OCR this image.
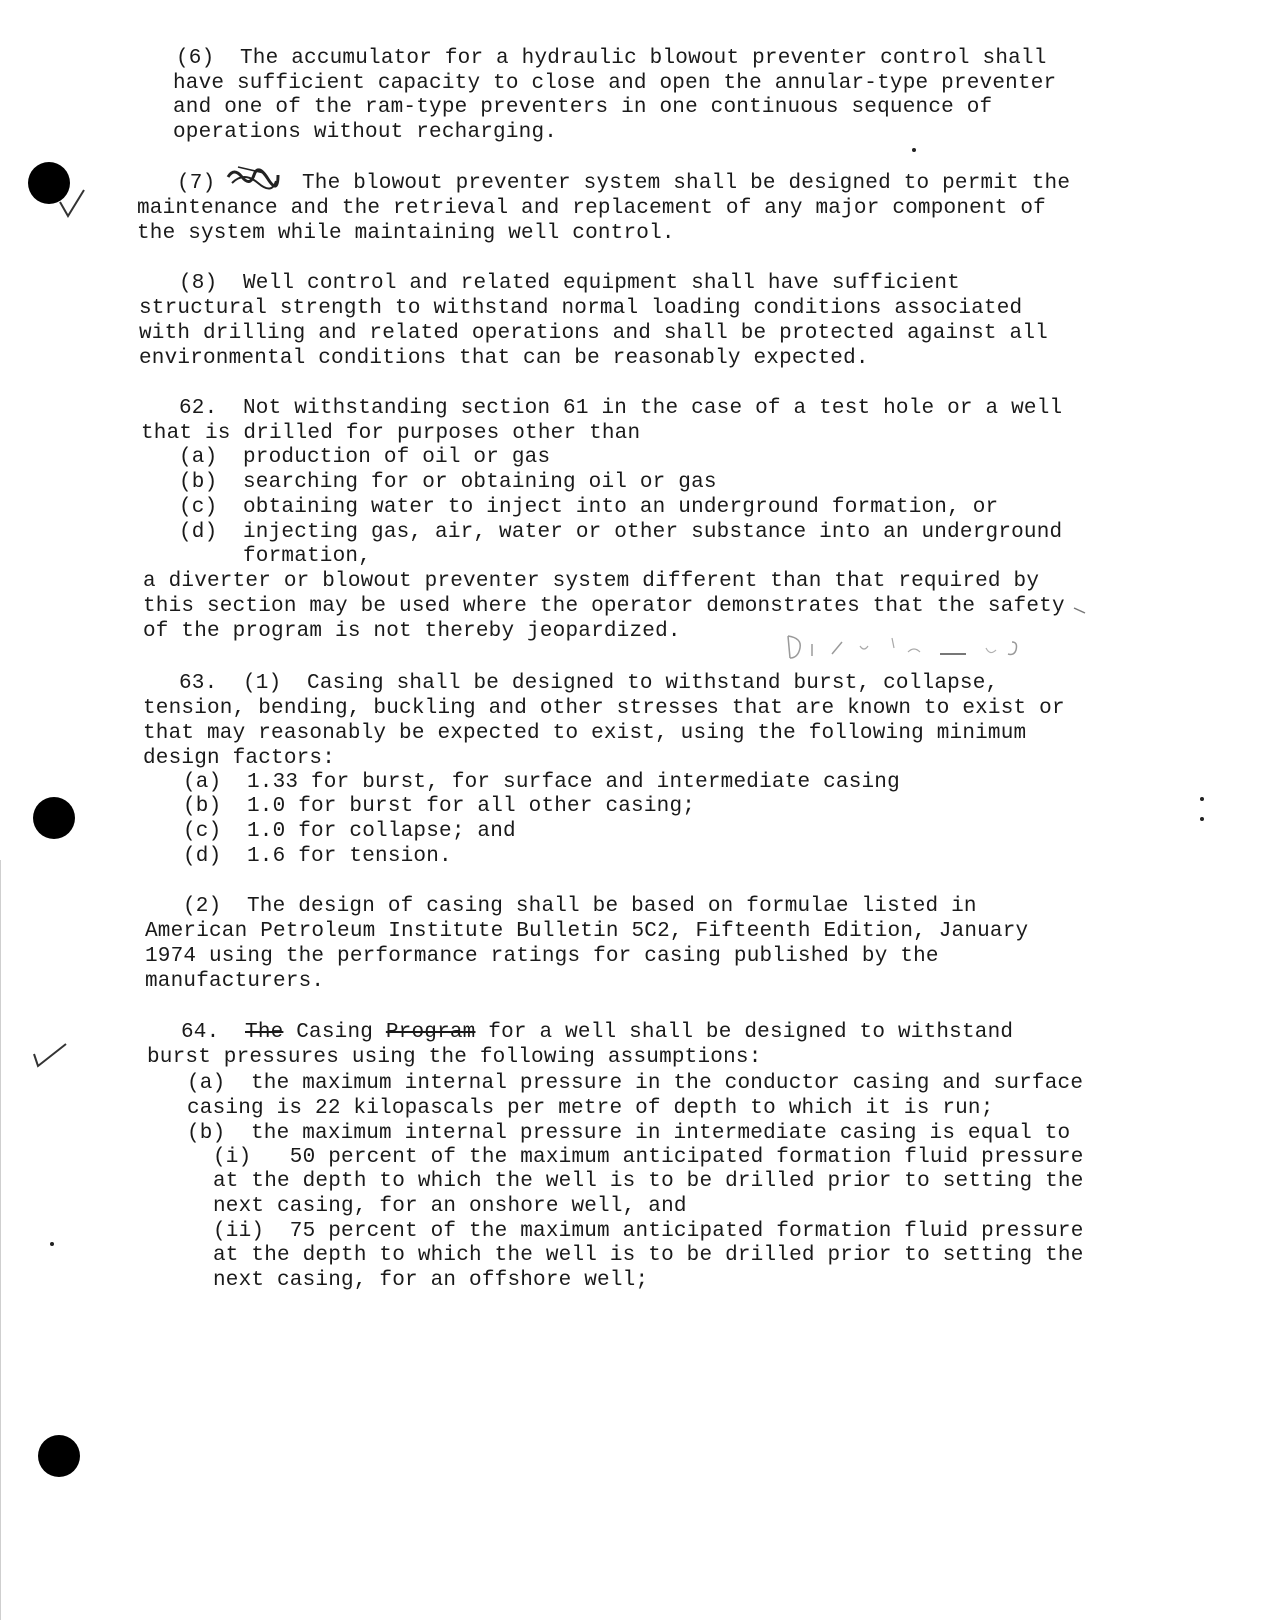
(6)  The accumulator for a hydraulic blowout preventer control shall
have sufficient capacity to close and open the annular-type preventer
and one of the ram-type preventers in one continuous sequence of
operations without recharging.
(7)	The blowout preventer system shall be designed to permit the
maintenance and the retrieval and replacement of any major component of
the system while maintaining well control.
(8)  Well control and related equipment shall have sufficient
structural strength to withstand normal loading conditions associated
with drilling and related operations and shall be protected against all
environmental conditions that can be reasonably expected.
62.  Not withstanding section 61 in the case of a test hole or a well
that is drilled for purposes other than
(a) production of oil or gas
(b) searching for or obtaining oil or gas
(c) obtaining water to inject into an underground formation, or
(d) injecting gas, air, water or other substance into an underground
formation,
a diverter or blowout preventer system different than that required by
this section may be used where the operator demonstrates that the safety
of the program is not thereby jeopardized.
63.  (1)  Casing shall be designed to withstand burst, collapse,
tension, bending, buckling and other stresses that are known to exist or
that may reasonably be expected to exist, using the following minimum
design factors:
(a) 1.33 for burst, for surface and intermediate casing
(b) 1.0 for burst for all other casing;
(c) 1.0 for collapse; and
(d) 1.6 for tension.
(2)  The design of casing shall be based on formulae listed in
American Petroleum Institute Bulletin 5C2, Fifteenth Edition, January
1974 using the performance ratings for casing published by the
manufacturers.
64. The Casing Program for a well shall be designed to withstand
burst pressures using the following assumptions:
(a)  the maximum internal pressure in the conductor casing and surface
casing is 22 kilopascals per metre of depth to which it is run;
(b)  the maximum internal pressure in intermediate casing is equal to
(i)   50 percent of the maximum anticipated formation fluid pressure
at the depth to which the well is to be drilled prior to setting the
next casing, for an onshore well, and
(ii)  75 percent of the maximum anticipated formation fluid pressure
at the depth to which the well is to be drilled prior to setting the
next casing, for an offshore well;
